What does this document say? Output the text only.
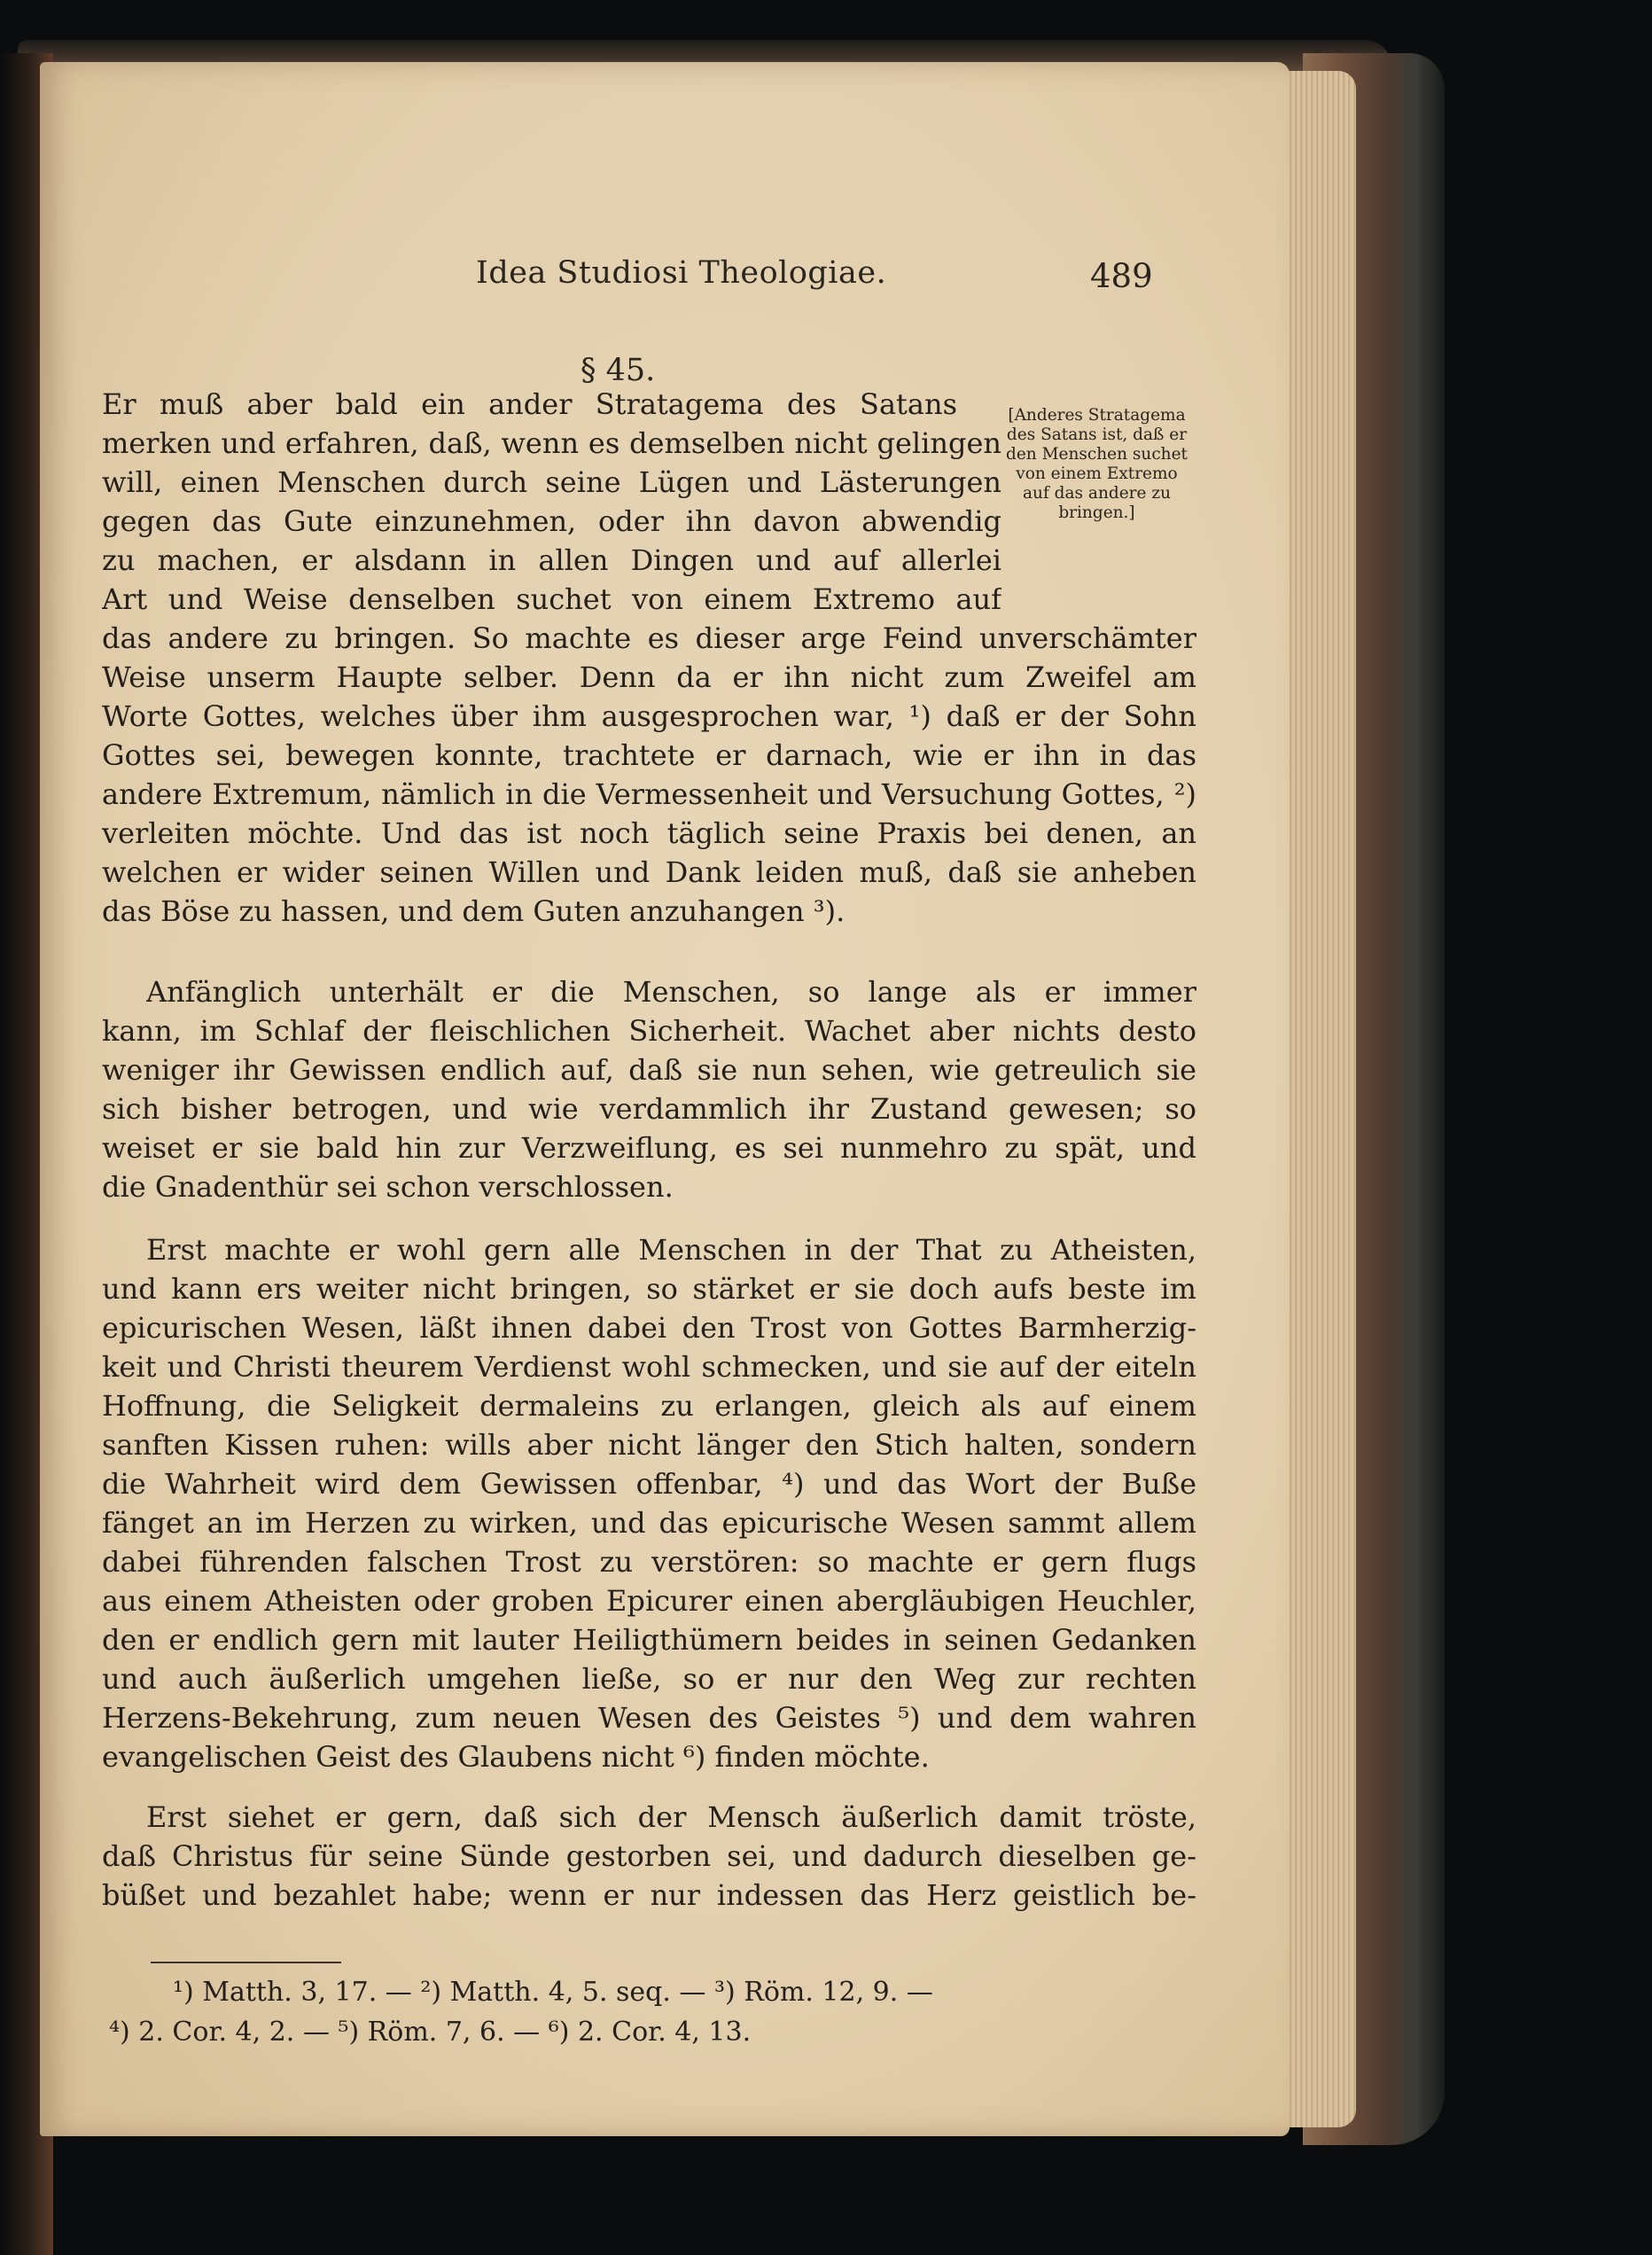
Idea Studiosi Theologiae.	489
§ 45.
[Anderes Stratagema des Satans ist, daß er den Menschen suchet von einem Extremo auf das andere zu bringen.]
Er muß aber bald ein ander Stratagema des Satans
merken und erfahren, daß, wenn es demselben nicht gelingen
will, einen Menschen durch seine Lügen und Lästerungen
gegen das Gute einzunehmen, oder ihn davon abwendig
zu machen, er alsdann in allen Dingen und auf allerlei
Art und Weise denselben suchet von einem Extremo auf
das andere zu bringen. So machte es dieser arge Feind unverschämter
Weise unserm Haupte selber. Denn da er ihn nicht zum Zweifel am
Worte Gottes, welches über ihm ausgesprochen war, ¹) daß er der Sohn
Gottes sei, bewegen konnte, trachtete er darnach, wie er ihn in das
andere Extremum, nämlich in die Vermessenheit und Versuchung Gottes, ²)
verleiten möchte. Und das ist noch täglich seine Praxis bei denen, an
welchen er wider seinen Willen und Dank leiden muß, daß sie anheben
das Böse zu hassen, und dem Guten anzuhangen ³).
Anfänglich unterhält er die Menschen, so lange als er immer
kann, im Schlaf der fleischlichen Sicherheit. Wachet aber nichts desto
weniger ihr Gewissen endlich auf, daß sie nun sehen, wie getreulich sie
sich bisher betrogen, und wie verdammlich ihr Zustand gewesen; so
weiset er sie bald hin zur Verzweiflung, es sei nunmehro zu spät, und
die Gnadenthür sei schon verschlossen.
Erst machte er wohl gern alle Menschen in der That zu Atheisten,
und kann ers weiter nicht bringen, so stärket er sie doch aufs beste im
epicurischen Wesen, läßt ihnen dabei den Trost von Gottes Barmherzig-
keit und Christi theurem Verdienst wohl schmecken, und sie auf der eiteln
Hoffnung, die Seligkeit dermaleins zu erlangen, gleich als auf einem
sanften Kissen ruhen: wills aber nicht länger den Stich halten, sondern
die Wahrheit wird dem Gewissen offenbar, ⁴) und das Wort der Buße
fänget an im Herzen zu wirken, und das epicurische Wesen sammt allem
dabei führenden falschen Trost zu verstören: so machte er gern flugs
aus einem Atheisten oder groben Epicurer einen abergläubigen Heuchler,
den er endlich gern mit lauter Heiligthümern beides in seinen Gedanken
und auch äußerlich umgehen ließe, so er nur den Weg zur rechten
Herzens-Bekehrung, zum neuen Wesen des Geistes ⁵) und dem wahren
evangelischen Geist des Glaubens nicht ⁶) finden möchte.
Erst siehet er gern, daß sich der Mensch äußerlich damit tröste,
daß Christus für seine Sünde gestorben sei, und dadurch dieselben ge-
büßet und bezahlet habe; wenn er nur indessen das Herz geistlich be-
¹) Matth. 3, 17. — ²) Matth. 4, 5. seq. — ³) Röm. 12, 9. —
⁴) 2. Cor. 4, 2. — ⁵) Röm. 7, 6. — ⁶) 2. Cor. 4, 13.
